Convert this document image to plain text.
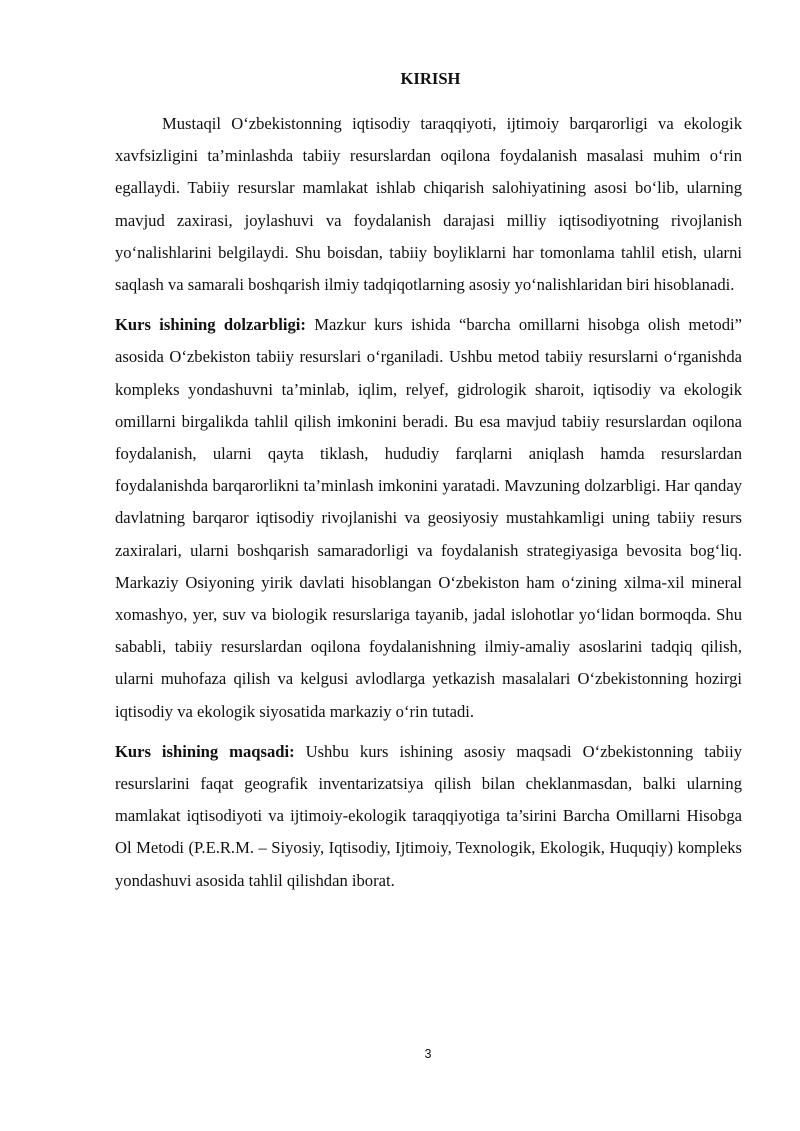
KIRISH

Mustaqil O‘zbekistonning iqtisodiy taraqqiyoti, ijtimoiy barqarorligi va ekologik xavfsizligini ta’minlashda tabiiy resurslardan oqilona foydalanish masalasi muhim o‘rin egallaydi. Tabiiy resurslar mamlakat ishlab chiqarish salohiyatining asosi bo‘lib, ularning mavjud zaxirasi, joylashuvi va foydalanish darajasi milliy iqtisodiyotning rivojlanish yo‘nalishlarini belgilaydi. Shu boisdan, tabiiy boyliklarni har tomonlama tahlil etish, ularni saqlash va samarali boshqarish ilmiy tadqiqotlarning asosiy yo‘nalishlaridan biri hisoblanadi.

Kurs ishining dolzarbligi: Mazkur kurs ishida “barcha omillarni hisobga olish metodi” asosida O‘zbekiston tabiiy resurslari o‘rganiladi. Ushbu metod tabiiy resurslarni o‘rganishda kompleks yondashuvni ta’minlab, iqlim, relyef, gidrologik sharoit, iqtisodiy va ekologik omillarni birgalikda tahlil qilish imkonini beradi. Bu esa mavjud tabiiy resurslardan oqilona foydalanish, ularni qayta tiklash, hududiy farqlarni aniqlash hamda resurslardan foydalanishda barqarorlikni ta’minlash imkonini yaratadi. Mavzuning dolzarbligi. Har qanday davlatning barqaror iqtisodiy rivojlanishi va geosiyosiy mustahkamligi uning tabiiy resurs zaxiralari, ularni boshqarish samaradorligi va foydalanish strategiyasiga bevosita bog‘liq. Markaziy Osiyoning yirik davlati hisoblangan O‘zbekiston ham o‘zining xilma-xil mineral xomashyo, yer, suv va biologik resurslariga tayanib, jadal islohotlar yo‘lidan bormoqda. Shu sababli, tabiiy resurslardan oqilona foydalanishning ilmiy-amaliy asoslarini tadqiq qilish, ularni muhofaza qilish va kelgusi avlodlarga yetkazish masalalari O‘zbekistonning hozirgi iqtisodiy va ekologik siyosatida markaziy o‘rin tutadi.

Kurs ishining maqsadi: Ushbu kurs ishining asosiy maqsadi O‘zbekistonning tabiiy resurslarini faqat geografik inventarizatsiya qilish bilan cheklanmasdan, balki ularning mamlakat iqtisodiyoti va ijtimoiy-ekologik taraqqiyotiga ta’sirini Barcha Omillarni Hisobga Ol Metodi (P.E.R.M. – Siyosiy, Iqtisodiy, Ijtimoiy, Texnologik, Ekologik, Huquqiy) kompleks yondashuvi asosida tahlil qilishdan iborat.

3
